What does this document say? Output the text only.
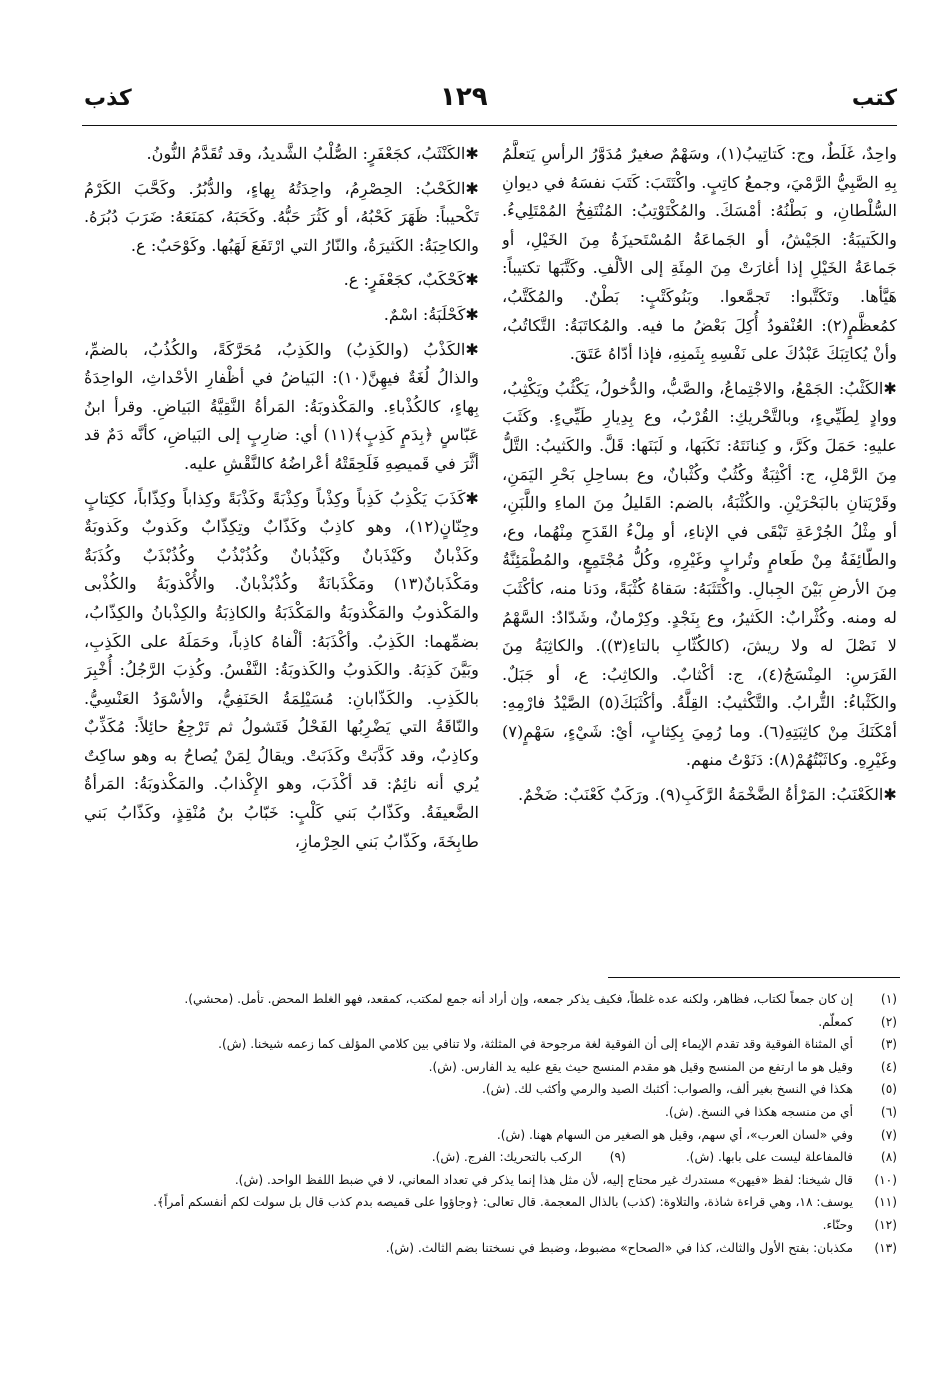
كتب
١٢٩
كذب

واحِدٌ، غَلَطٌ، وج: كَتاتِيبُ(١)، وسَهْمٌ صغيرٌ مُدَوَّرُ الرأسِ يَتعلَّمُ بِهِ الصَّبِيُّ الرَّمْيَ، وجمعُ كاتِبٍ. واكْتَتَبَ: كَتَبَ نفسَهُ في ديوانِ السُّلْطانِ، و بَطْنُهُ: أمْسَكَ. والمُكْتَوْتِبُ: المُنْتَفِخُ المُمْتَلِيءُ. والكَتيبَةُ: الجَيْشُ، أو الجَماعَةُ المُسْتَحيزَةُ مِنَ الخَيْلِ، أو جَماعَةُ الخَيْلِ إذا أغارَتْ مِنَ المِئَةِ إلى الألْفِ. وكَتَّبَها تكتيباً: هَيَّأها. وتَكَتَّبوا: تَجمَّعوا. وبَنُوكَتْبٍ: بَطْنٌ. والمُكَتَّبُ، كمُعظَّمٍ(٢): العُنْقودُ أُكِلَ بَعْضُ ما فيه. والمُكاتَبَةُ: التَّكاتُبُ، وأنْ يُكاتِبَكَ عَبْدُكَ على نَفْسِهِ بِثَمنِهِ، فإذا أدّاهُ عَتَقَ.

✱الكَثْبُ: الجَمْعُ، والاجْتِماعُ، والصَّبُّ، والدُّخولُ، يَكْثُبُ ويَكْثِبُ، ووادٍ لِطَيِّيءٍ، وبالتَّحْريكِ: القُرْبُ، وع بِدِيارِ طَيِّيءٍ. وكَثَبَ عليهِ: حَمَلَ وكَرَّ، و كِنانَتَهُ: نَكَبَها، و لَبَنَها: قَلَّ. والكَثيبُ: التَّلُّ مِنَ الرَّمْلِ، ج: أكْثِبَةٌ وكُثُبٌ وكُثْبانٌ، وع بساحِلِ بَحْرِ اليَمَنِ، وقَرْيَتانِ بالبَحْرَيْنِ. والكُثْبَةُ، بالضم: القَليلُ مِنَ الماءِ واللَّبَنِ، أو مِثْلُ الجُرْعَةِ تَبْقَى في الإناءِ، أو مِلْءُ القَدَحِ مِنْهُما، وع، والطّائِفَةُ مِنْ طَعامٍ وتُرابٍ وغَيْرِهِ، وكُلُّ مُجْتَمِعٍ، والمُطْمَئِنَّةُ مِنَ الأرضِ بَيْنَ الجِبالِ. واكْتَثَبَهُ: سَقاهُ كُثْبَةً، ودَنا منه، كأكْثَبَ له ومنه. وكُثْرابٌ: الكَثيرُ، وع بِنَجْدٍ. وكِرْمانٌ، وشَدّادٌ: السَّهْمُ لا نَصْلَ له ولا ريشَ، (كالكُثّابِ بالتاءِ(٣)). والكاثِبَةُ مِنَ الفَرَسِ: المِنْسَجُ(٤)، ج: أكْثابٌ. والكاثِبُ: ع، أو جَبَلٌ. والكَثْباءُ: التُّرابُ. والتَّكْثيبُ: القِلَّةُ. وأكْثَبَكَ(٥) الصَّيْدُ فارْمِهِ: أمْكَنَكَ مِنْ كاثِبَتِهِ(٦). وما رُمِيَ بِكِثابٍ، أيْ: شَيْءٍ، سَهْمٍ(٧) وغَيْرِهِ. وكاثَبْتُهُمْ(٨): دَنَوْتُ منهم.

✱الكَعْنَبُ: المَرْأةُ الضَّخْمَةُ الرَّكَبِ(٩). ورَكَبٌ كَعْنَبٌ: ضَخْمٌ.

✱الكَنْثَبُ، كجَعْفَرٍ: الصُّلْبُ الشَّديدُ، وقد تُقَدَّمُ النُّونُ.

✱الكَحْبُ: الحِصْرِمُ، واحِدَتُهُ بِهاءٍ، والدُّبُرُ. وكَحَّبَ الكَرْمُ تَكْحيباً: ظَهَرَ كَحْبُهُ، أو كَثُرَ حَبُّهُ. وكَحَبَهُ، كمَنَعَهُ: ضَرَبَ دُبُرَهُ. والكاحِبَةُ: الكَثيرَةُ، والنّارُ التي ارْتَفَعَ لَهَبُها. وكَوْحَبٌ: ع.

✱كَحْكَبٌ، كجَعْفَرٍ: ع.

✱كَحْلَبَةُ: اسْمٌ.

✱الكَذْبُ (والكَذِبُ) والكَذِبُ، مُحَرَّكَةً، والكُذُبُ، بالضمِّ، والذالُ لُغَةٌ فيهِنَّ(١٠): البَياضُ في أظْفارِ الأحْداثِ، الواحِدَةُ بِهاءٍ، كالكُذْباءِ. والمَكْذوبَةُ: المَرأةُ النَّقِيَّةُ البَياضِ. وقرأ ابنُ عَبّاسٍ ﴿بِدَمٍ كَذِبٍ﴾(١١) أي: ضارِبٍ إلى البَياضِ، كأنَّه دَمٌ قد أثَّرَ في قَميصِهِ فَلَحِقَتْهُ أعْراضُهُ كالنَّقْشِ عليه.

✱كَذَبَ يَكْذِبُ كَذِباً وكِذْباً وكِذْبَةً وكَذْبَةً وكِذاباً وكِذّاباً، ككِتابٍ وجِنّانٍ(١٢)، وهو كاذِبٌ وكَذّابٌ وتِكِذّابٌ وكَذوبٌ وكَذوبَةٌ وكَذْبانٌ وكَيْذَبانٌ وكَيْذُبانٌ وكُذُبْذُبٌ وكُذُبْذَبٌ وكُذَبَةٌ ومَكْذَبانٌ(١٣) ومَكْذَبانَةٌ وكُذْبُذْبانٌ. والأُكْذوبَةُ والكُذْبى والمَكْذوبُ والمَكْذوبَةُ والمَكْذَبَةُ والكاذِبَةُ والكِذْبانُ والكِذّابُ، بضمِّهما: الكَذِبُ. وأكْذَبَهُ: ألْفاهُ كاذِباً، وحَمَلَهُ على الكَذِبِ، وبَيَّنَ كَذِبَهُ. والكَذوبُ والكَذوبَةُ: النَّفْسُ. وكُذِبَ الرَّجُلُ: أُخْبِرَ بالكَذِبِ. والكَذّابانِ: مُسَيْلِمَةُ الحَنَفِيُّ، والأسْوَدُ العَنْسِيُّ. والنّاقَةُ التي يَضْرِبُها الفَحْلُ فَتَشولُ ثم تَرْجِعُ حائِلاً: مُكَذِّبٌ وكاذِبٌ، وقد كَذَّبَتْ وكَذَبَتْ. ويقالُ لِمَنْ يُصاحُ به وهو ساكِتٌ يُري أنه نائِمٌ: قد أكْذَبَ، وهو الإِكْذابُ. والمَكْذوبَةُ: المَرأةُ الضَّعيفَةُ. وكَذّابُ بَني كَلْبٍ: خَبّابُ بنُ مُنْقِذٍ، وكَذّابُ بَني طابِخَةَ، وكَذّابُ بَني الحِرْمازِ،

(١)إن كان جمعاً لكتاب، فظاهر، ولكنه عده غلطاً، فكيف يذكر جمعه، وإن أراد أنه جمع لمكتب، كمقعد، فهو الغلط المحض. تأمل. (محشي).
(٢)كمعلّم.
(٣)أي المثناة الفوقية وقد تقدم الإيماء إلى أن الفوقية لغة مرجوحة في المثلثة، ولا تنافي بين كلامي المؤلف كما زعمه شيخنا. (ش).
(٤)وقيل هو ما ارتفع من المنسج وقيل هو مقدم المنسج حيث يقع عليه يد الفارس. (ش).
(٥)هكذا في النسخ بغير ألف، والصواب: أكثبك الصيد والرمي وأكثب لك. (ش).
(٦)أي من منسجه هكذا في النسخ. (ش).
(٧)وفي «لسان العرب»، أي سهم، وقيل هو الصغير من السهام ههنا. (ش).
(٨)فالمفاعلة ليست على بابها. (ش).(٩)الركب بالتحريك: الفرج. (ش).
(١٠)قال شيخنا: لفظ «فيهن» مستدرك غير محتاج إليه، لأن مثل هذا إنما يذكر في تعداد المعاني، لا في ضبط اللفظ الواحد. (ش).
(١١)يوسف: ١٨، وهي قراءة شاذة، والتلاوة: (كذب) بالذال المعجمة. قال تعالى: ﴿وجاؤوا على قميصه بدم كذب قال بل سولت لكم أنفسكم أمراً﴾.
(١٢)وحنّاء.
(١٣)مكذبان: بفتح الأول والثالث، كذا في «الصحاح» مضبوط، وضبط في نسختنا بضم الثالث. (ش).
